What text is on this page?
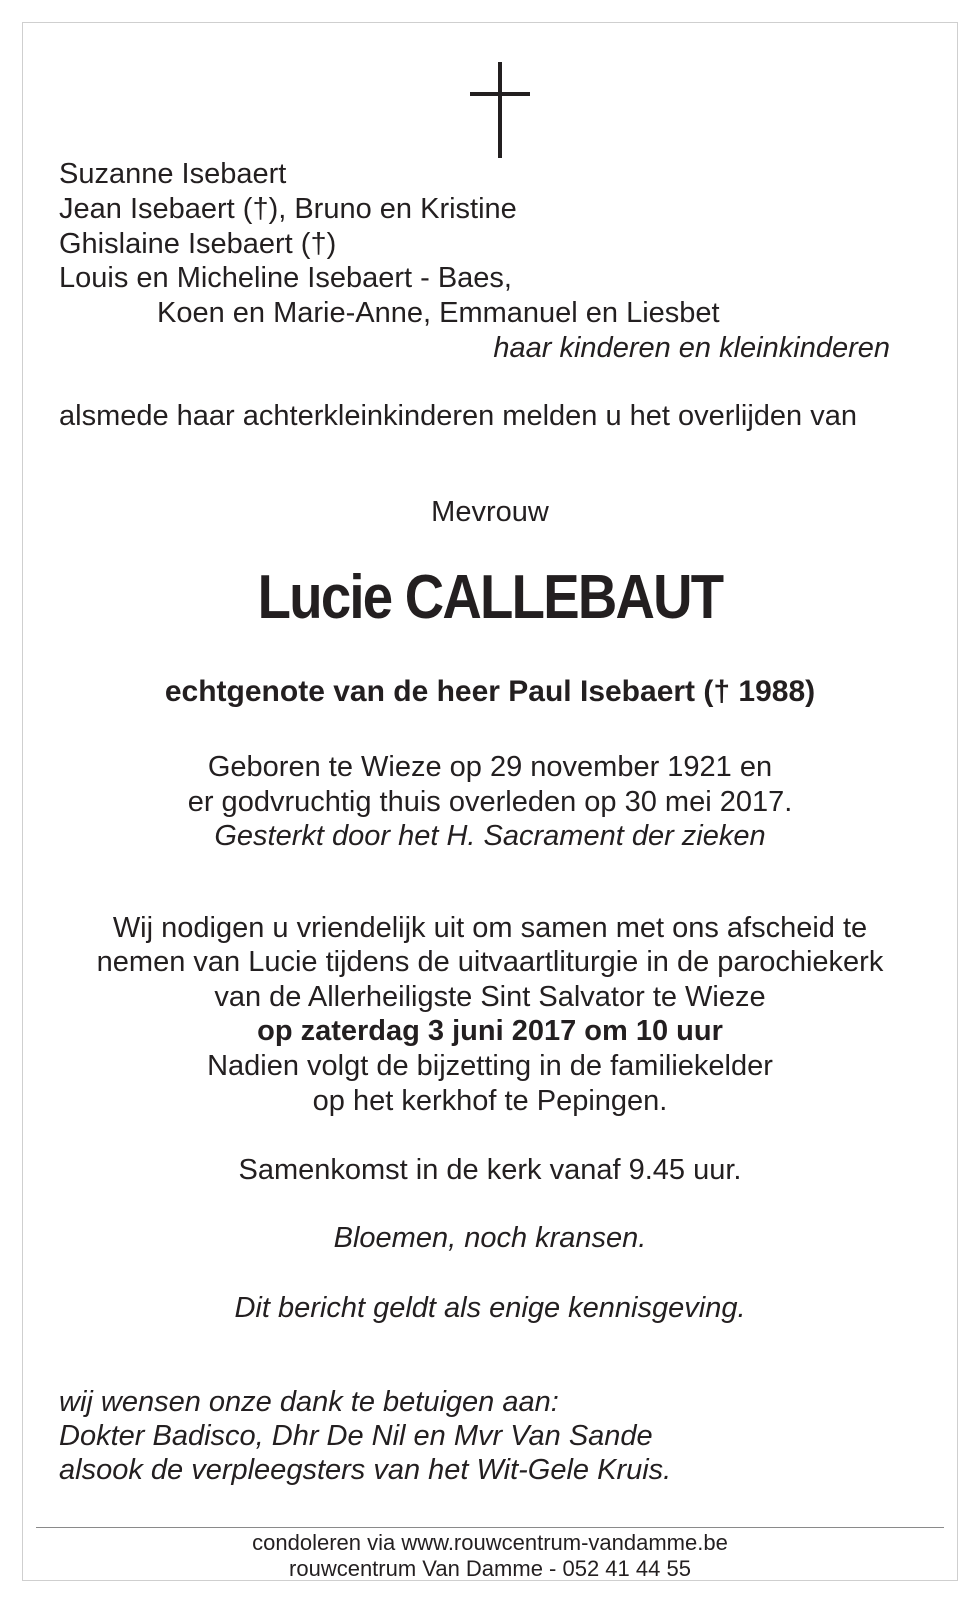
Suzanne Isebaert
Jean Isebaert (†), Bruno en Kristine
Ghislaine Isebaert (†)
Louis en Micheline Isebaert - Baes,
Koen en Marie-Anne, Emmanuel en Liesbet
haar kinderen en kleinkinderen
alsmede haar achterkleinkinderen melden u het overlijden van
Mevrouw
Lucie CALLEBAUT
echtgenote van de heer Paul Isebaert († 1988)
Geboren te Wieze op 29 november 1921 en
er godvruchtig thuis overleden op 30 mei 2017.
Gesterkt door het H. Sacrament der zieken
Wij nodigen u vriendelijk uit om samen met ons afscheid te
nemen van Lucie tijdens de uitvaartliturgie in de parochiekerk
van de Allerheiligste Sint Salvator te Wieze
op zaterdag 3 juni 2017 om 10 uur
Nadien volgt de bijzetting in de familiekelder
op het kerkhof te Pepingen.
Samenkomst in de kerk vanaf 9.45 uur.
Bloemen, noch kransen.
Dit bericht geldt als enige kennisgeving.
wij wensen onze dank te betuigen aan:
Dokter Badisco, Dhr De Nil en Mvr Van Sande
alsook de verpleegsters van het Wit-Gele Kruis.
condoleren via www.rouwcentrum-vandamme.be
rouwcentrum Van Damme - 052 41 44 55
